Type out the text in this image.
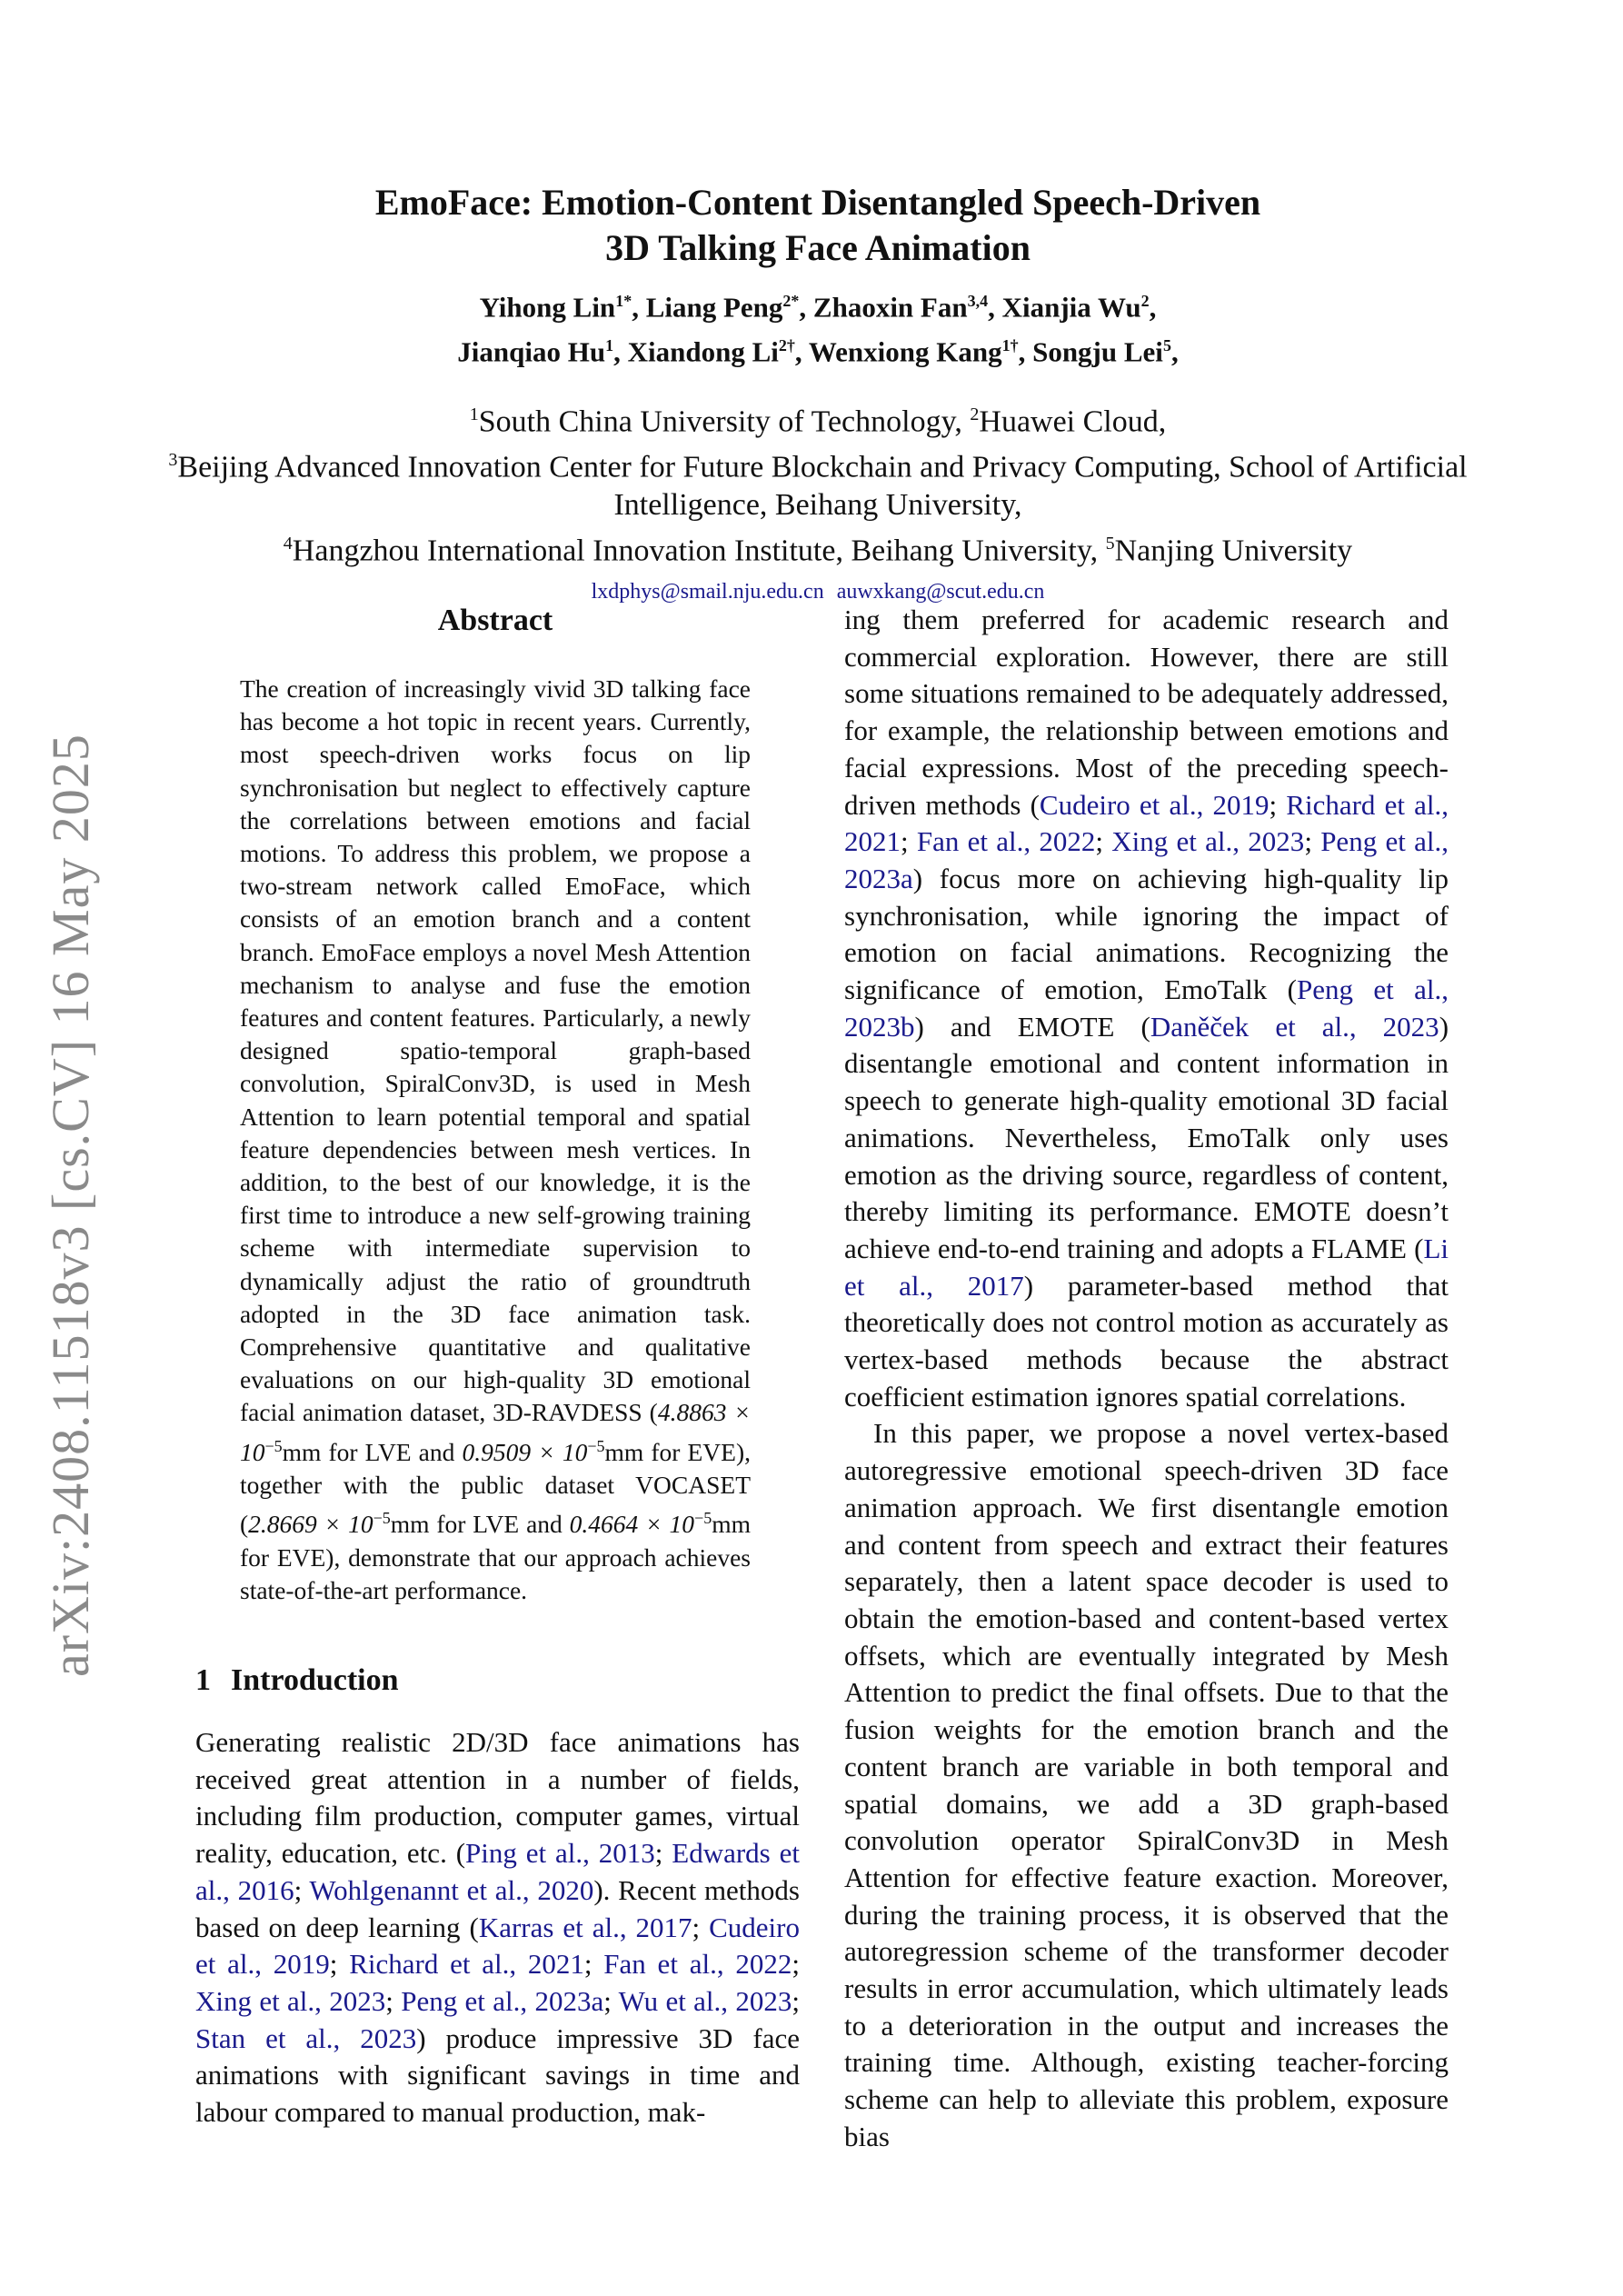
arXiv:2408.11518v3 [cs.CV] 16 May 2025
EmoFace: Emotion-Content Disentangled Speech-Driven
3D Talking Face Animation
Yihong Lin$^{1*}$, Liang Peng$^{2*}$, Zhaoxin Fan$^{3,4}$, Xianjia Wu$^2$,
Jianqiao Hu$^1$, Xiandong $Li^{2\dagger}$, Wenxiong Kang$^{1\dagger}$, Songju Lei$^5$,
$^1$South China University of Technology, $^2$Huawei Cloud,
$^3$Beijing Advanced Innovation Center for Future Blockchain and Privacy Computing, School of Artificial Intelligence, Beihang University,
$^4$Hangzhou International Innovation Institute, Beihang University, $^5$Nanjing University
lxdphys@smail.nju.edu.cn auwxkang@scut.edu.cn
Abstract

The creation of increasingly vivid 3D talking face has become a hot topic in recent years. Currently, most speech-driven works focus on lip synchronisation but neglect to effectively capture the correlations between emotions and facial motions. To address this problem, we propose a two-stream network called EmoFace, which consists of an emotion branch and a content branch. EmoFace employs a novel Mesh Attention mechanism to analyse and fuse the emotion features and content features. Particularly, a newly designed spatio-temporal graph-based convolution, SpiralConv3D, is used in Mesh Attention to learn potential temporal and spatial feature dependencies between mesh vertices. In addition, to the best of our knowledge, it is the first time to introduce a new self-growing training scheme with intermediate supervision to dynamically adjust the ratio of groundtruth adopted in the 3D face animation task. Comprehensive quantitative and qualitative evaluations on our high-quality 3D emotional facial animation dataset, 3D-RAVDESS ($4.8863 \times 10^{-5}mm$ for LVE and $0.9509 \times 10^{-5}mm$ for EVE), together with the public dataset VOCASET ($2.8669 \times 10^{-5}mm$ for LVE and $0.4664 \times 10^{-5}mm$ for EVE), demonstrate that our approach achieves state-of-the-art performance.

1 Introduction

Generating realistic 2D/3D face animations has received great attention in a number of fields, including film production, computer games, virtual reality, education, etc. (Ping et al., 2013; Edwards et al., 2016; Wohlgenannt et al., 2020). Recent methods based on deep learning (Karras et al., 2017; Cudeiro et al., 2019; Richard et al., 2021; Fan et al., 2022; Xing et al., 2023; Peng et al., 2023a; Wu et al., 2023; Stan et al., 2023) produce impressive 3D face animations with significant savings in time and labour compared to manual production, mak-

ing them preferred for academic research and commercial exploration. However, there are still some situations remained to be adequately addressed, for example, the relationship between emotions and facial expressions. Most of the preceding speech-driven methods (Cudeiro et al., 2019; Richard et al., 2021; Fan et al., 2022; Xing et al., 2023; Peng et al., 2023a) focus more on achieving high-quality lip synchronisation, while ignoring the impact of emotion on facial animations. Recognizing the significance of emotion, EmoTalk (Peng et al., 2023b) and EMOTE (Daněček et al., 2023) disentangle emotional and content information in speech to generate high-quality emotional 3D facial animations. Nevertheless, EmoTalk only uses emotion as the driving source, regardless of content, thereby limiting its performance. EMOTE doesn’t achieve end-to-end training and adopts a FLAME (Li et al., 2017) parameter-based method that theoretically does not control motion as accurately as vertex-based methods because the abstract coefficient estimation ignores spatial correlations.

In this paper, we propose a novel vertex-based autoregressive emotional speech-driven 3D face animation approach. We first disentangle emotion and content from speech and extract their features separately, then a latent space decoder is used to obtain the emotion-based and content-based vertex offsets, which are eventually integrated by Mesh Attention to predict the final offsets. Due to that the fusion weights for the emotion branch and the content branch are variable in both temporal and spatial domains, we add a 3D graph-based convolution operator SpiralConv3D in Mesh Attention for effective feature exaction. Moreover, during the training process, it is observed that the autoregression scheme of the transformer decoder results in error accumulation, which ultimately leads to a deterioration in the output and increases the training time. Although, existing teacher-forcing scheme can help to alleviate this problem, exposure bias
